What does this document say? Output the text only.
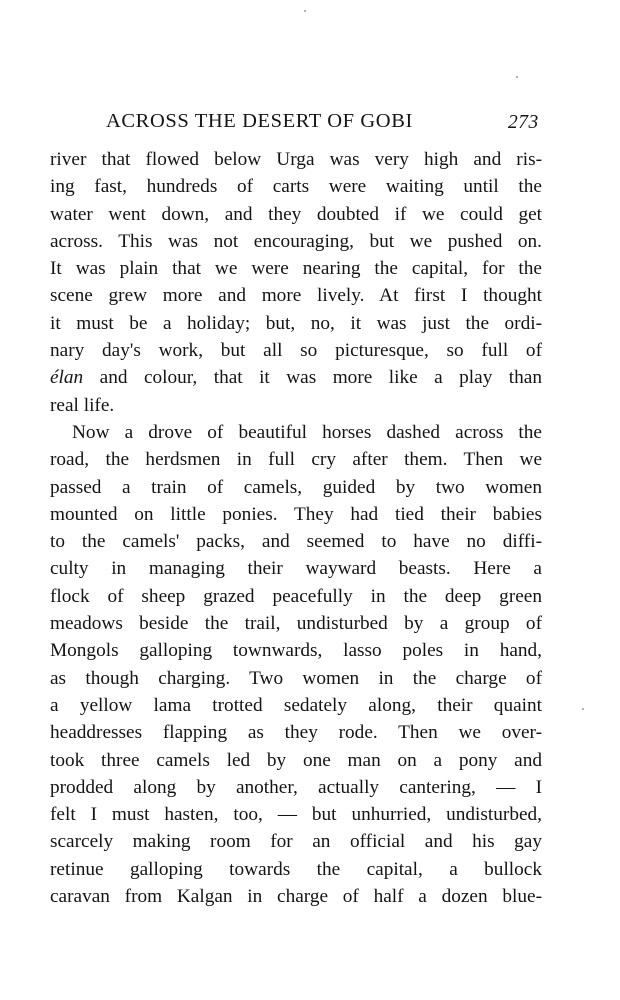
ACROSS THE DESERT OF GOBI	273
river that flowed below Urga was very high and ris-
ing fast, hundreds of carts were waiting until the
water went down, and they doubted if we could get
across. This was not encouraging, but we pushed on.
It was plain that we were nearing the capital, for the
scene grew more and more lively. At first I thought
it must be a holiday; but, no, it was just the ordi-
nary day's work, but all so picturesque, so full of
élan and colour, that it was more like a play than
real life.
Now a drove of beautiful horses dashed across the
road, the herdsmen in full cry after them. Then we
passed a train of camels, guided by two women
mounted on little ponies. They had tied their babies
to the camels' packs, and seemed to have no diffi-
culty in managing their wayward beasts. Here a
flock of sheep grazed peacefully in the deep green
meadows beside the trail, undisturbed by a group of
Mongols galloping townwards, lasso poles in hand,
as though charging. Two women in the charge of
a yellow lama trotted sedately along, their quaint
headdresses flapping as they rode. Then we over-
took three camels led by one man on a pony and
prodded along by another, actually cantering, — I
felt I must hasten, too, — but unhurried, undisturbed,
scarcely making room for an official and his gay
retinue galloping towards the capital, a bullock
caravan from Kalgan in charge of half a dozen blue-
